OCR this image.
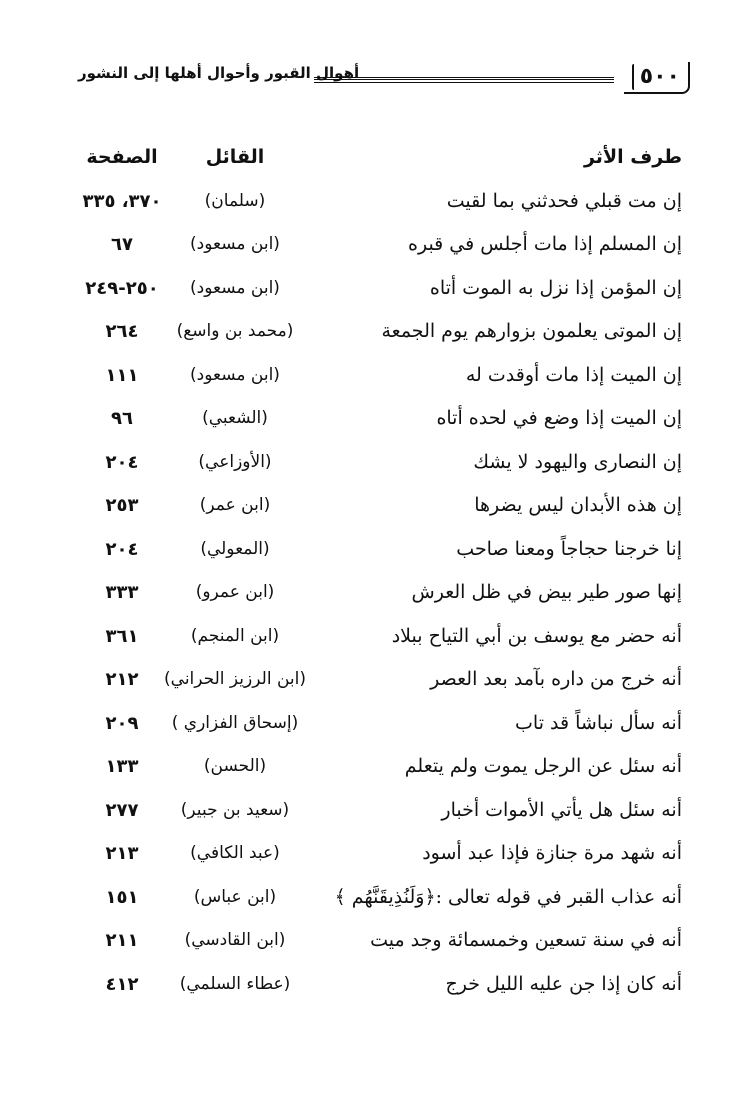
٥٠٠
أهوال القبور وأحوال أهلها إلى النشور
طرف الأثر
القائل
الصفحة
إن مت قبلي فحدثني بما لقيت
(سلمان)
٣٧٠، ٣٣٥
إن المسلم إذا مات أجلس في قبره
(ابن مسعود)
٦٧
إن المؤمن إذا نزل به الموت أتاه
(ابن مسعود)
٢٥٠-٢٤٩
إن الموتى يعلمون بزوارهم يوم الجمعة
(محمد بن واسع)
٢٦٤
إن الميت إذا مات أوقدت له
(ابن مسعود)
١١١
إن الميت إذا وضع في لحده أتاه
(الشعبي)
٩٦
إن النصارى واليهود لا يشك
(الأوزاعي)
٢٠٤
إن هذه الأبدان ليس يضرها
(ابن عمر)
٢٥٣
إنا خرجنا حجاجاً ومعنا صاحب
(المعولي)
٢٠٤
إنها صور طير بيض في ظل العرش
(ابن عمرو)
٣٣٣
أنه حضر مع يوسف بن أبي التياح ببلاد
(ابن المنجم)
٣٦١
أنه خرج من داره بآمد بعد العصر
(ابن الرزيز الحراني)
٢١٢
أنه سأل نباشاً قد تاب
(إسحاق الفزاري )
٢٠٩
أنه سئل عن الرجل يموت ولم يتعلم
(الحسن)
١٣٣
أنه سئل هل يأتي الأموات أخبار
(سعيد بن جبير)
٢٧٧
أنه شهد مرة جنازة فإذا عبد أسود
(عبد الكافي)
٢١٣
أنه عذاب القبر في قوله تعالى :﴿وَلَنُذِيقَنَّهُم ﴾
(ابن عباس)
١٥١
أنه في سنة تسعين وخمسمائة وجد ميت
(ابن القادسي)
٢١١
أنه كان إذا جن عليه الليل خرج
(عطاء السلمي)
٤١٢
